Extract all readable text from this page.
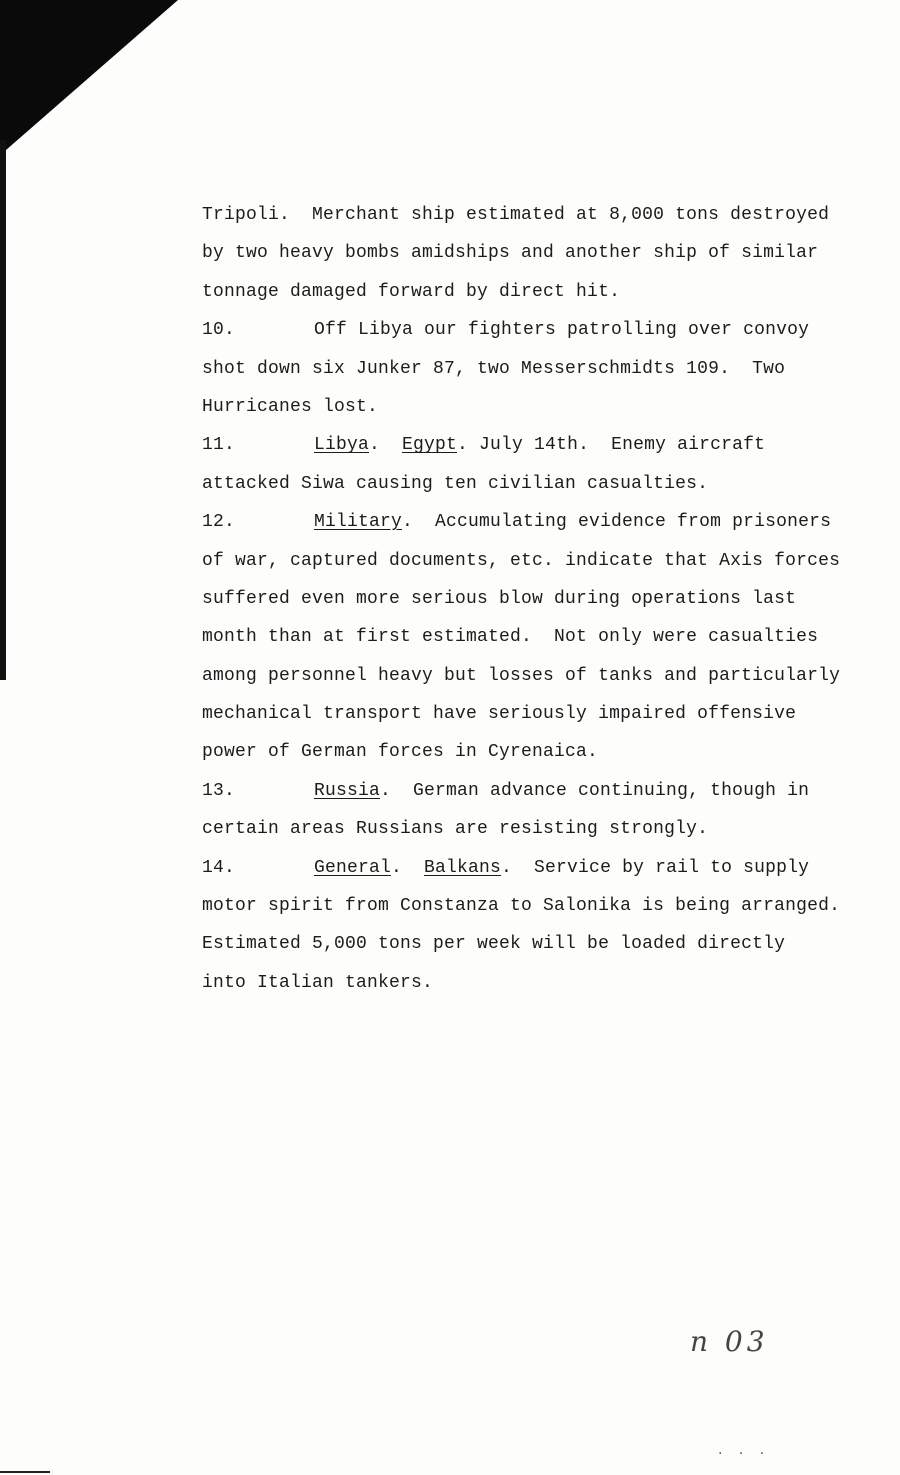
Tripoli.  Merchant ship estimated at 8,000 tons destroyed
by two heavy bombs amidships and another ship of similar
tonnage damaged forward by direct hit.
10.	Off Libya our fighters patrolling over convoy
shot down six Junker 87, two Messerschmidts 109.  Two
Hurricanes lost.
11.	Libya.  Egypt. July 14th.  Enemy aircraft
attacked Siwa causing ten civilian casualties.
12.	Military.  Accumulating evidence from prisoners
of war, captured documents, etc. indicate that Axis forces
suffered even more serious blow during operations last
month than at first estimated.  Not only were casualties
among personnel heavy but losses of tanks and particularly
mechanical transport have seriously impaired offensive
power of German forces in Cyrenaica.
13.	Russia.  German advance continuing, though in
certain areas Russians are resisting strongly.
14.	General.  Balkans.  Service by rail to supply
motor spirit from Constanza to Salonika is being arranged.
Estimated 5,000 tons per week will be loaded directly
into Italian tankers.
n 03
· · ·
